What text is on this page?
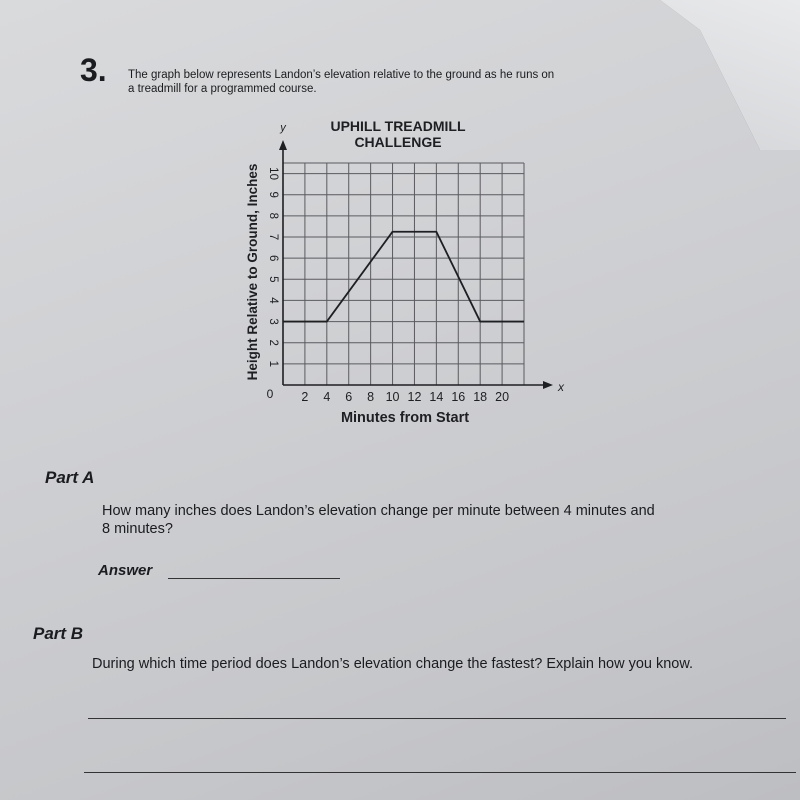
3. The graph below represents Landon’s elevation relative to the ground as he runs on
a treadmill for a programmed course.
UPHILL TREADMILL
CHALLENGE
Minutes from Start
Height Relative to Ground, Inches
x
y
0 2 4 6 8 10 12 14 16 18 20
1
2
3
4
5
6
7
8
9
10
Part A
How many inches does Landon’s elevation change per minute between 4 minutes and
8 minutes?
Answer
Part B
During which time period does Landon’s elevation change the fastest? Explain how you know.
